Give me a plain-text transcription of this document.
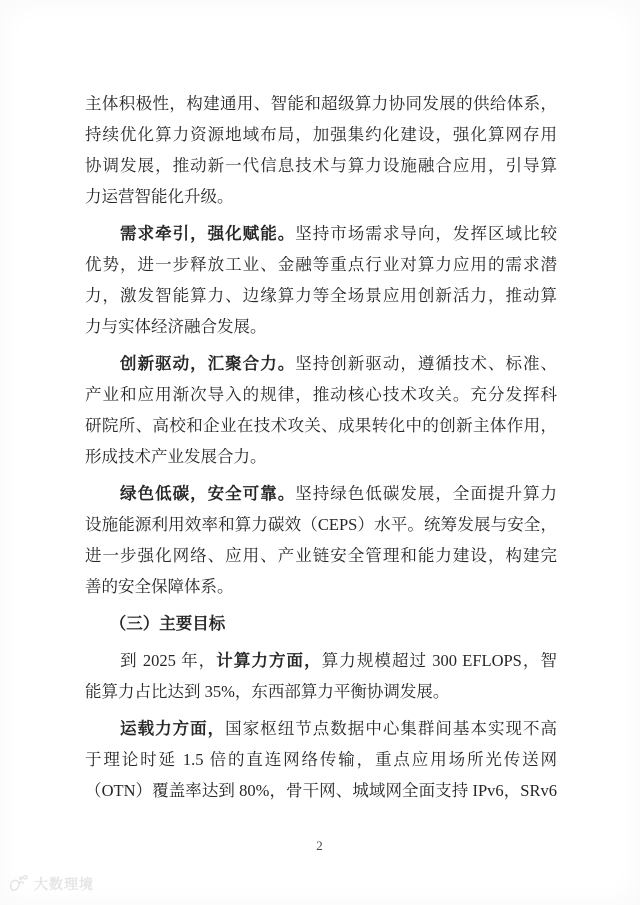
主体积极性，构建通用、智能和超级算力协同发展的供给体系，
持续优化算力资源地域布局，加强集约化建设，强化算网存用
协调发展，推动新一代信息技术与算力设施融合应用，引导算
力运营智能化升级。
　　需求牵引，强化赋能。坚持市场需求导向，发挥区域比较
优势，进一步释放工业、金融等重点行业对算力应用的需求潜
力，激发智能算力、边缘算力等全场景应用创新活力，推动算
力与实体经济融合发展。
　　创新驱动，汇聚合力。坚持创新驱动，遵循技术、标准、
产业和应用渐次导入的规律，推动核心技术攻关。充分发挥科
研院所、高校和企业在技术攻关、成果转化中的创新主体作用，
形成技术产业发展合力。
　　绿色低碳，安全可靠。坚持绿色低碳发展，全面提升算力
设施能源利用效率和算力碳效（CEPS）水平。统筹发展与安全，
进一步强化网络、应用、产业链安全管理和能力建设，构建完
善的安全保障体系。
　　（三）主要目标
　　到 2025 年，计算力方面，算力规模超过 300 EFLOPS，智
能算力占比达到 35%，东西部算力平衡协调发展。
　　运载力方面，国家枢纽节点数据中心集群间基本实现不高
于理论时延 1.5 倍的直连网络传输，重点应用场所光传送网
（OTN）覆盖率达到 80%，骨干网、城域网全面支持 IPv6，SRv6
2
大数理境
